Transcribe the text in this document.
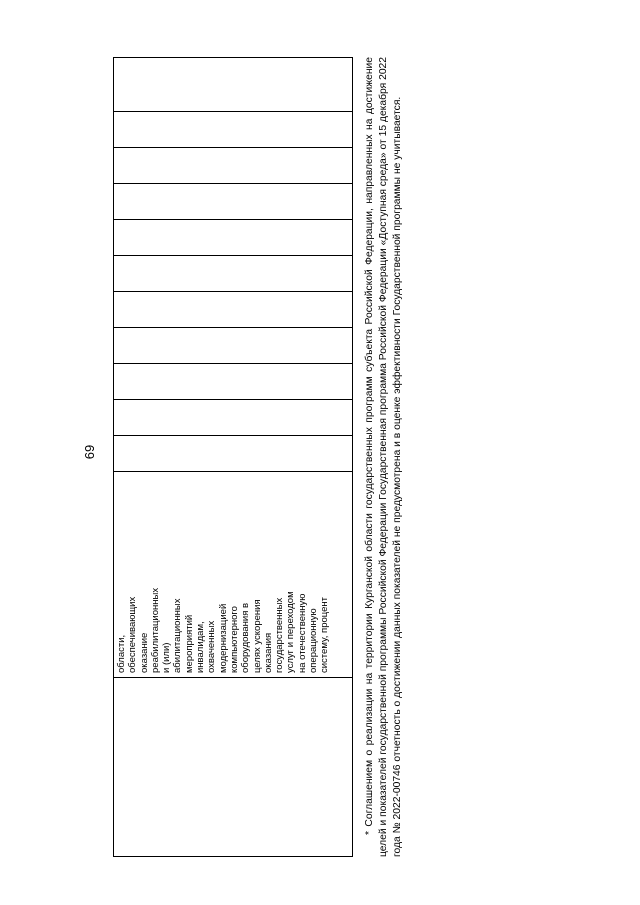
69

области, обеспечивающих оказание реабилитационных и (или) абилитационных мероприятий инвалидам, охваченных модернизацией компьютерного оборудования в целях ускорения оказания государственных услуг и переходом на отечественную операционную систему, процент
												* Соглашением о реализации на территории Курганской области государственных программ субъекта Российской Федерации, направленных на достижение целей и показателей государственной программы Российской Федерации Государственная программа Российской Федерации «Доступная среда» от 15 декабря 2022 года № 2022-00746 отчетность о достижении данных показателей не предусмотрена и в оценке эффективности Государственной программы не учитывается.
